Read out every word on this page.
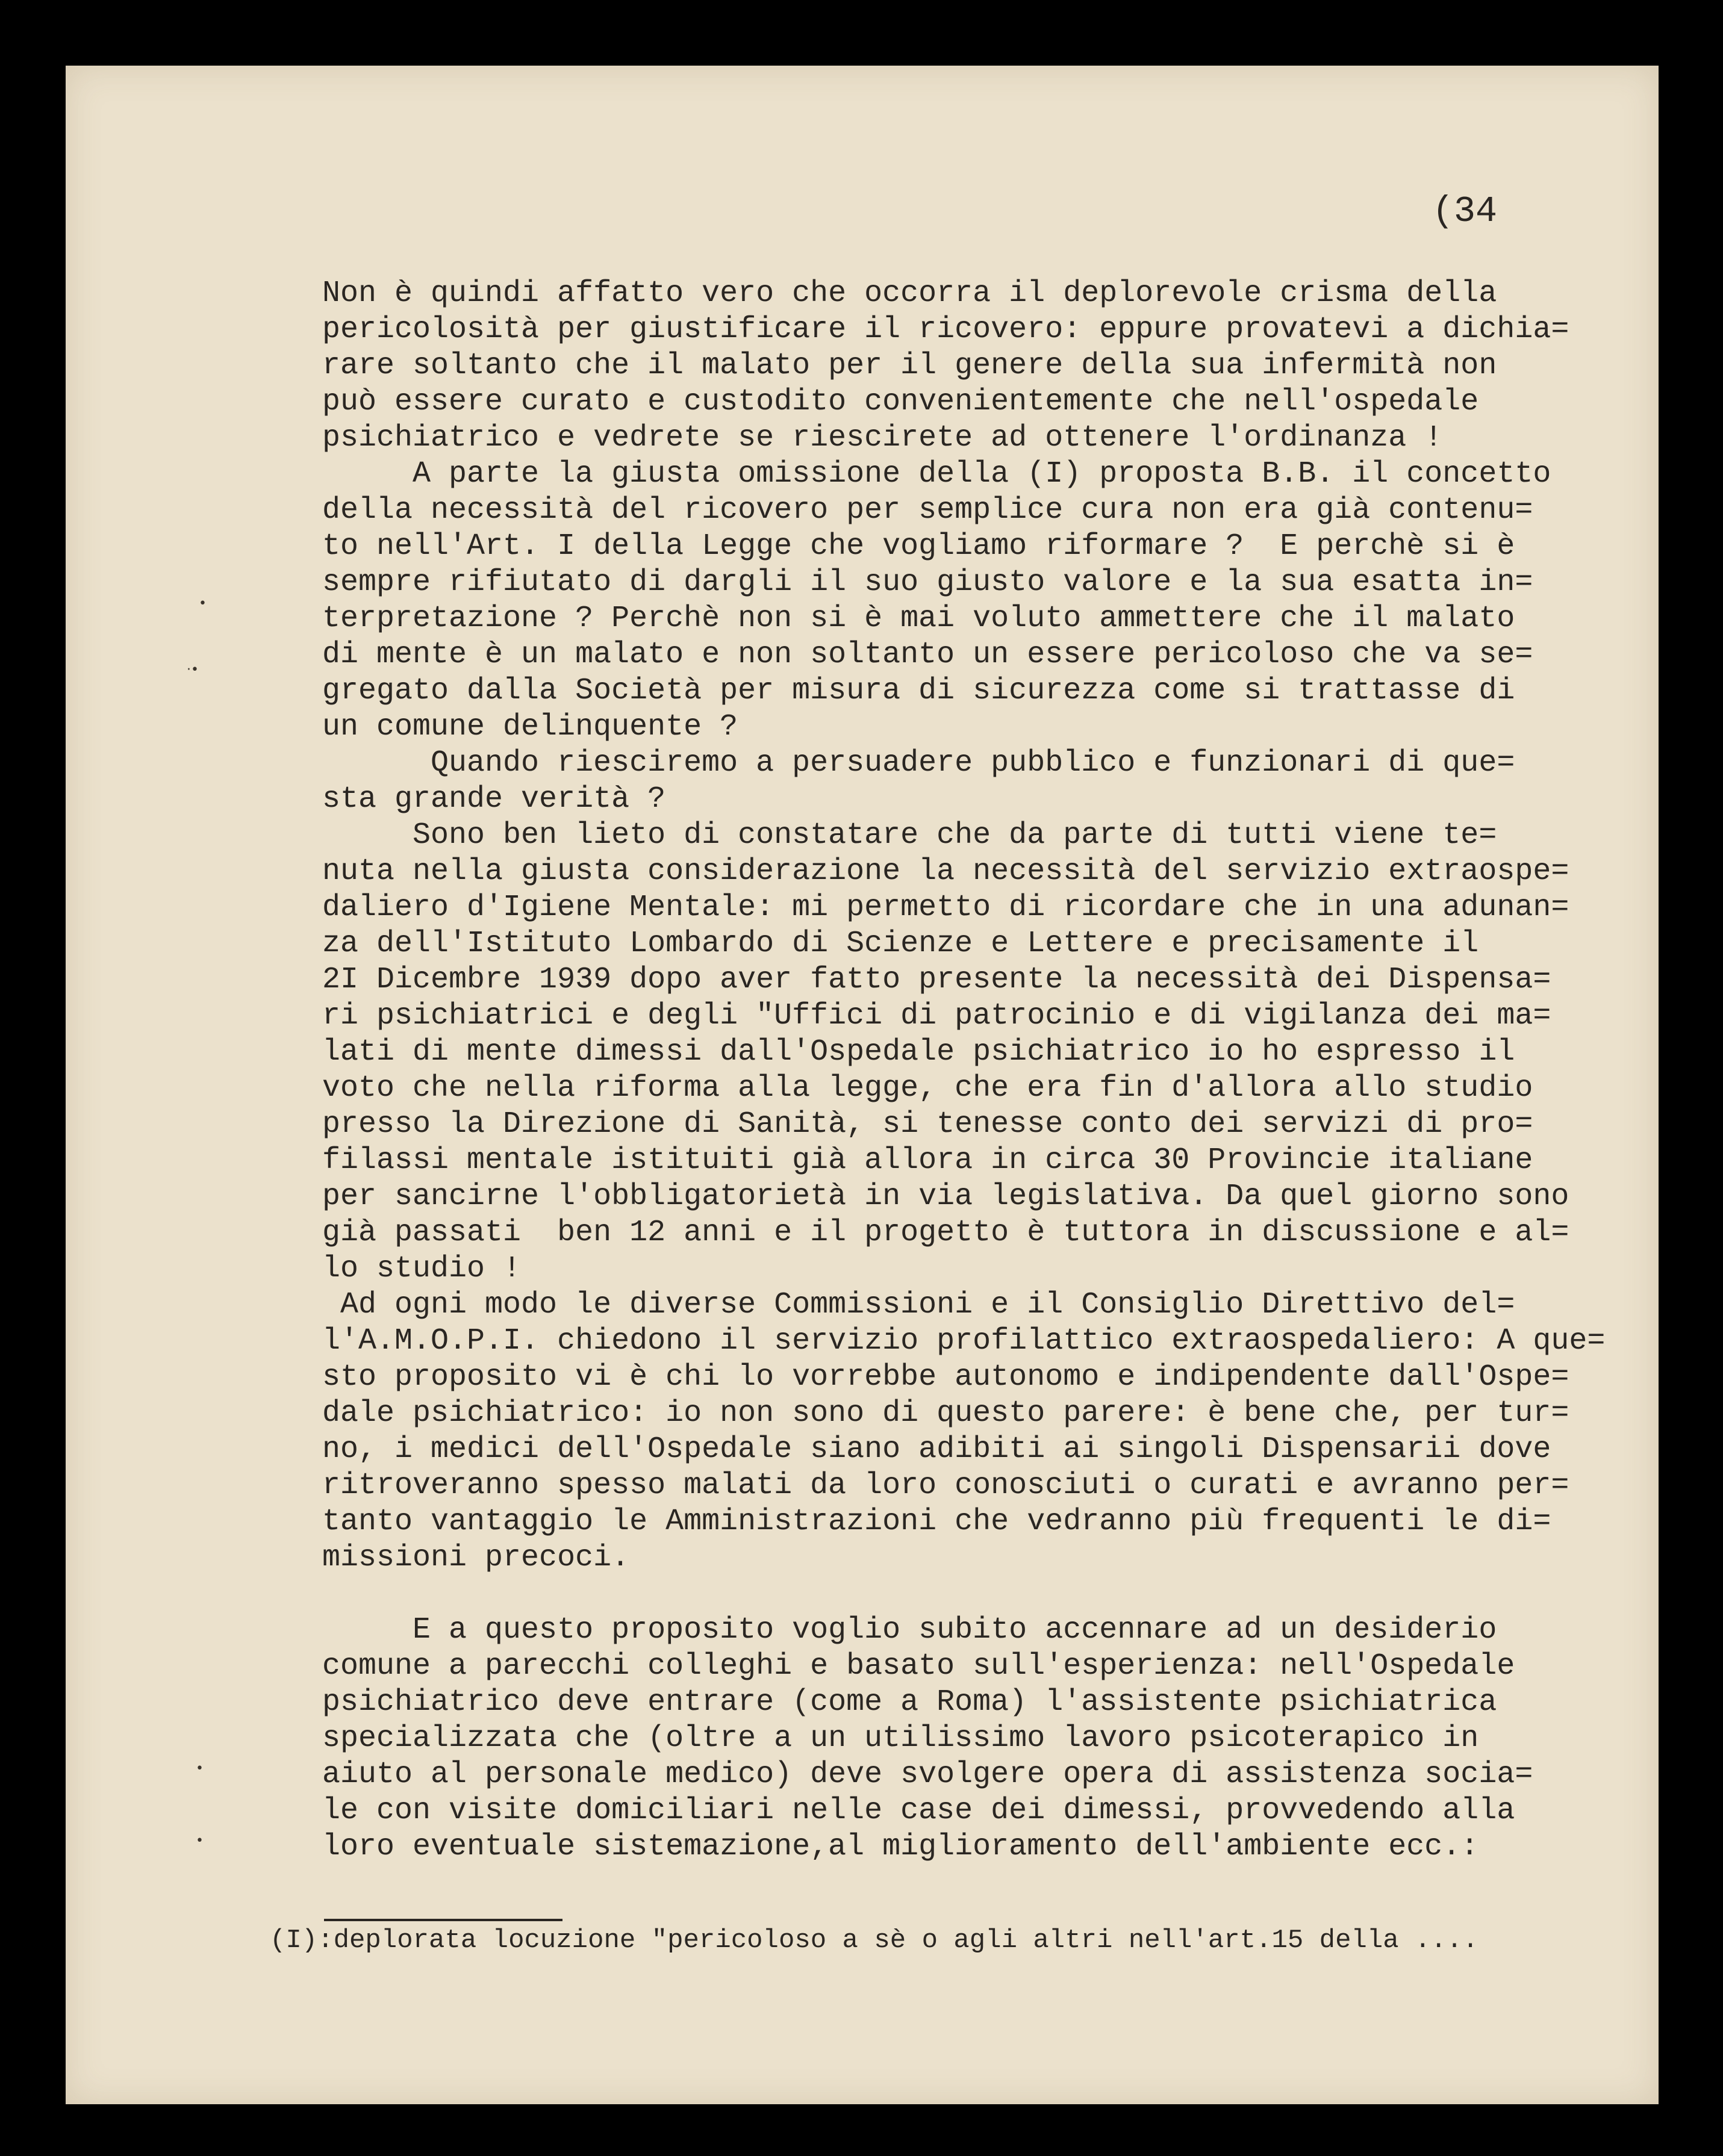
(34
Non è quindi affatto vero che occorra il deplorevole crisma della
pericolosità per giustificare il ricovero: eppure provatevi a dichia=
rare soltanto che il malato per il genere della sua infermità non
può essere curato e custodito convenientemente che nell'ospedale
psichiatrico e vedrete se riescirete ad ottenere l'ordinanza !
A parte la giusta omissione della (I) proposta B.B. il concetto
della necessità del ricovero per semplice cura non era già contenu=
to nell'Art. I della Legge che vogliamo riformare ?  E perchè si è
sempre rifiutato di dargli il suo giusto valore e la sua esatta in=
terpretazione ? Perchè non si è mai voluto ammettere che il malato
di mente è un malato e non soltanto un essere pericoloso che va se=
gregato dalla Società per misura di sicurezza come si trattasse di
un comune delinquente ?
Quando riesciremo a persuadere pubblico e funzionari di que=
sta grande verità ?
Sono ben lieto di constatare che da parte di tutti viene te=
nuta nella giusta considerazione la necessità del servizio extraospe=
daliero d'Igiene Mentale: mi permetto di ricordare che in una adunan=
za dell'Istituto Lombardo di Scienze e Lettere e precisamente il
2I Dicembre 1939 dopo aver fatto presente la necessità dei Dispensa=
ri psichiatrici e degli "Uffici di patrocinio e di vigilanza dei ma=
lati di mente dimessi dall'Ospedale psichiatrico io ho espresso il
voto che nella riforma alla legge, che era fin d'allora allo studio
presso la Direzione di Sanità, si tenesse conto dei servizi di pro=
filassi mentale istituiti già allora in circa 30 Provincie italiane
per sancirne l'obbligatorietà in via legislativa. Da quel giorno sono
già passati  ben 12 anni e il progetto è tuttora in discussione e al=
lo studio !
Ad ogni modo le diverse Commissioni e il Consiglio Direttivo del=
l'A.M.O.P.I. chiedono il servizio profilattico extraospedaliero: A que=
sto proposito vi è chi lo vorrebbe autonomo e indipendente dall'Ospe=
dale psichiatrico: io non sono di questo parere: è bene che, per tur=
no, i medici dell'Ospedale siano adibiti ai singoli Dispensarii dove
ritroveranno spesso malati da loro conosciuti o curati e avranno per=
tanto vantaggio le Amministrazioni che vedranno più frequenti le di=
missioni precoci.
E a questo proposito voglio subito accennare ad un desiderio
comune a parecchi colleghi e basato sull'esperienza: nell'Ospedale
psichiatrico deve entrare (come a Roma) l'assistente psichiatrica
specializzata che (oltre a un utilissimo lavoro psicoterapico in
aiuto al personale medico) deve svolgere opera di assistenza socia=
le con visite domiciliari nelle case dei dimessi, provvedendo alla
loro eventuale sistemazione,al miglioramento dell'ambiente ecc.:
(I):deplorata locuzione "pericoloso a sè o agli altri nell'art.15 della ....
•
·•
•
•
